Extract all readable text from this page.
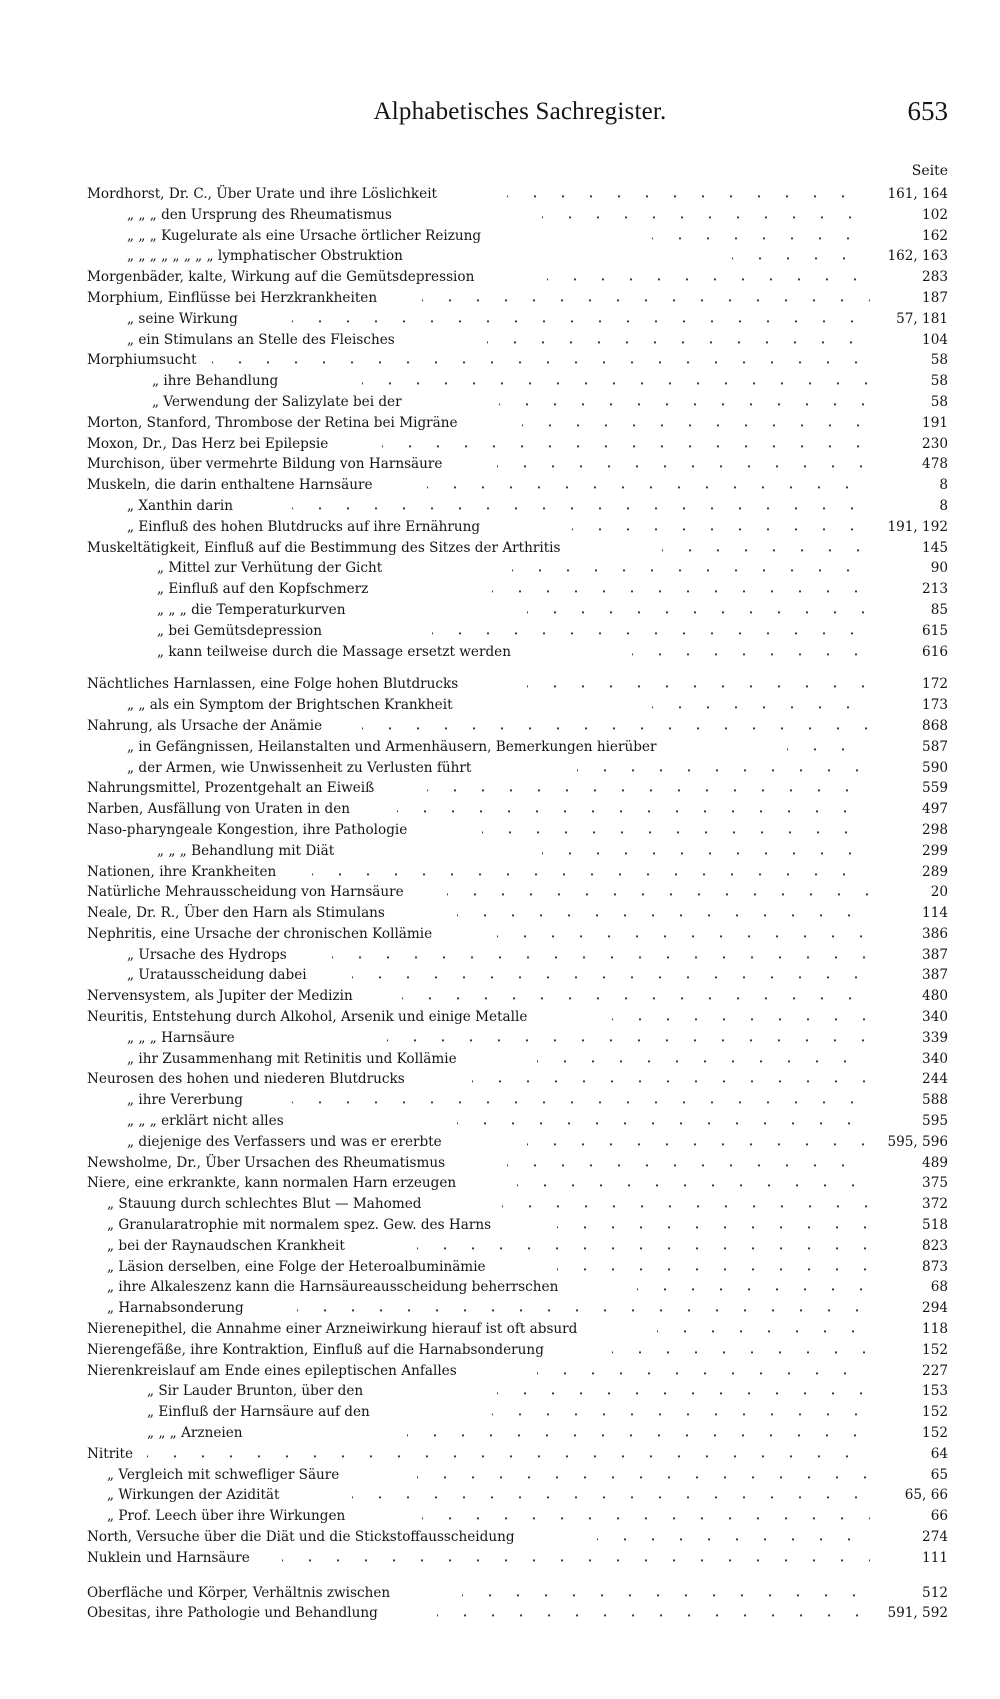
Alphabetisches Sachregister.	653
Seite
Mordhorst, Dr. C., Über Urate und ihre Löslichkeit	161, 164
„ „ „ den Ursprung des Rheumatismus	102
„ „ „ Kugelurate als eine Ursache örtlicher Reizung	162
„ „ „ „ „ „ „ „ lymphatischer Obstruktion	162, 163
Morgenbäder, kalte, Wirkung auf die Gemütsdepression	283
Morphium, Einflüsse bei Herzkrankheiten	187
„ seine Wirkung	57, 181
„ ein Stimulans an Stelle des Fleisches	104
Morphiumsucht	58
„ ihre Behandlung	58
„ Verwendung der Salizylate bei der	58
Morton, Stanford, Thrombose der Retina bei Migräne	191
Moxon, Dr., Das Herz bei Epilepsie	230
Murchison, über vermehrte Bildung von Harnsäure	478
Muskeln, die darin enthaltene Harnsäure	8
„ Xanthin darin	8
„ Einfluß des hohen Blutdrucks auf ihre Ernährung	191, 192
Muskeltätigkeit, Einfluß auf die Bestimmung des Sitzes der Arthritis	145
„ Mittel zur Verhütung der Gicht	90
„ Einfluß auf den Kopfschmerz	213
„ „ „ die Temperaturkurven	85
„ bei Gemütsdepression	615
„ kann teilweise durch die Massage ersetzt werden	616
Nächtliches Harnlassen, eine Folge hohen Blutdrucks	172
„ „ als ein Symptom der Brightschen Krankheit	173
Nahrung, als Ursache der Anämie	868
„ in Gefängnissen, Heilanstalten und Armenhäusern, Bemerkungen hierüber	587
„ der Armen, wie Unwissenheit zu Verlusten führt	590
Nahrungsmittel, Prozentgehalt an Eiweiß	559
Narben, Ausfällung von Uraten in den	497
Naso-pharyngeale Kongestion, ihre Pathologie	298
„ „ „ Behandlung mit Diät	299
Nationen, ihre Krankheiten	289
Natürliche Mehrausscheidung von Harnsäure	20
Neale, Dr. R., Über den Harn als Stimulans	114
Nephritis, eine Ursache der chronischen Kollämie	386
„ Ursache des Hydrops	387
„ Uratausscheidung dabei	387
Nervensystem, als Jupiter der Medizin	480
Neuritis, Entstehung durch Alkohol, Arsenik und einige Metalle	340
„ „ „ Harnsäure	339
„ ihr Zusammenhang mit Retinitis und Kollämie	340
Neurosen des hohen und niederen Blutdrucks	244
„ ihre Vererbung	588
„ „ „ erklärt nicht alles	595
„ diejenige des Verfassers und was er ererbte	595, 596
Newsholme, Dr., Über Ursachen des Rheumatismus	489
Niere, eine erkrankte, kann normalen Harn erzeugen	375
„ Stauung durch schlechtes Blut — Mahomed	372
„ Granularatrophie mit normalem spez. Gew. des Harns	518
„ bei der Raynaudschen Krankheit	823
„ Läsion derselben, eine Folge der Heteroalbuminämie	873
„ ihre Alkaleszenz kann die Harnsäureausscheidung beherrschen	68
„ Harnabsonderung	294
Nierenepithel, die Annahme einer Arzneiwirkung hierauf ist oft absurd	118
Nierengefäße, ihre Kontraktion, Einfluß auf die Harnabsonderung	152
Nierenkreislauf am Ende eines epileptischen Anfalles	227
„ Sir Lauder Brunton, über den	153
„ Einfluß der Harnsäure auf den	152
„ „ „ Arzneien	152
Nitrite	64
„ Vergleich mit schwefliger Säure	65
„ Wirkungen der Azidität	65, 66
„ Prof. Leech über ihre Wirkungen	66
North, Versuche über die Diät und die Stickstoffausscheidung	274
Nuklein und Harnsäure	111
Oberfläche und Körper, Verhältnis zwischen	512
Obesitas, ihre Pathologie und Behandlung	591, 592
